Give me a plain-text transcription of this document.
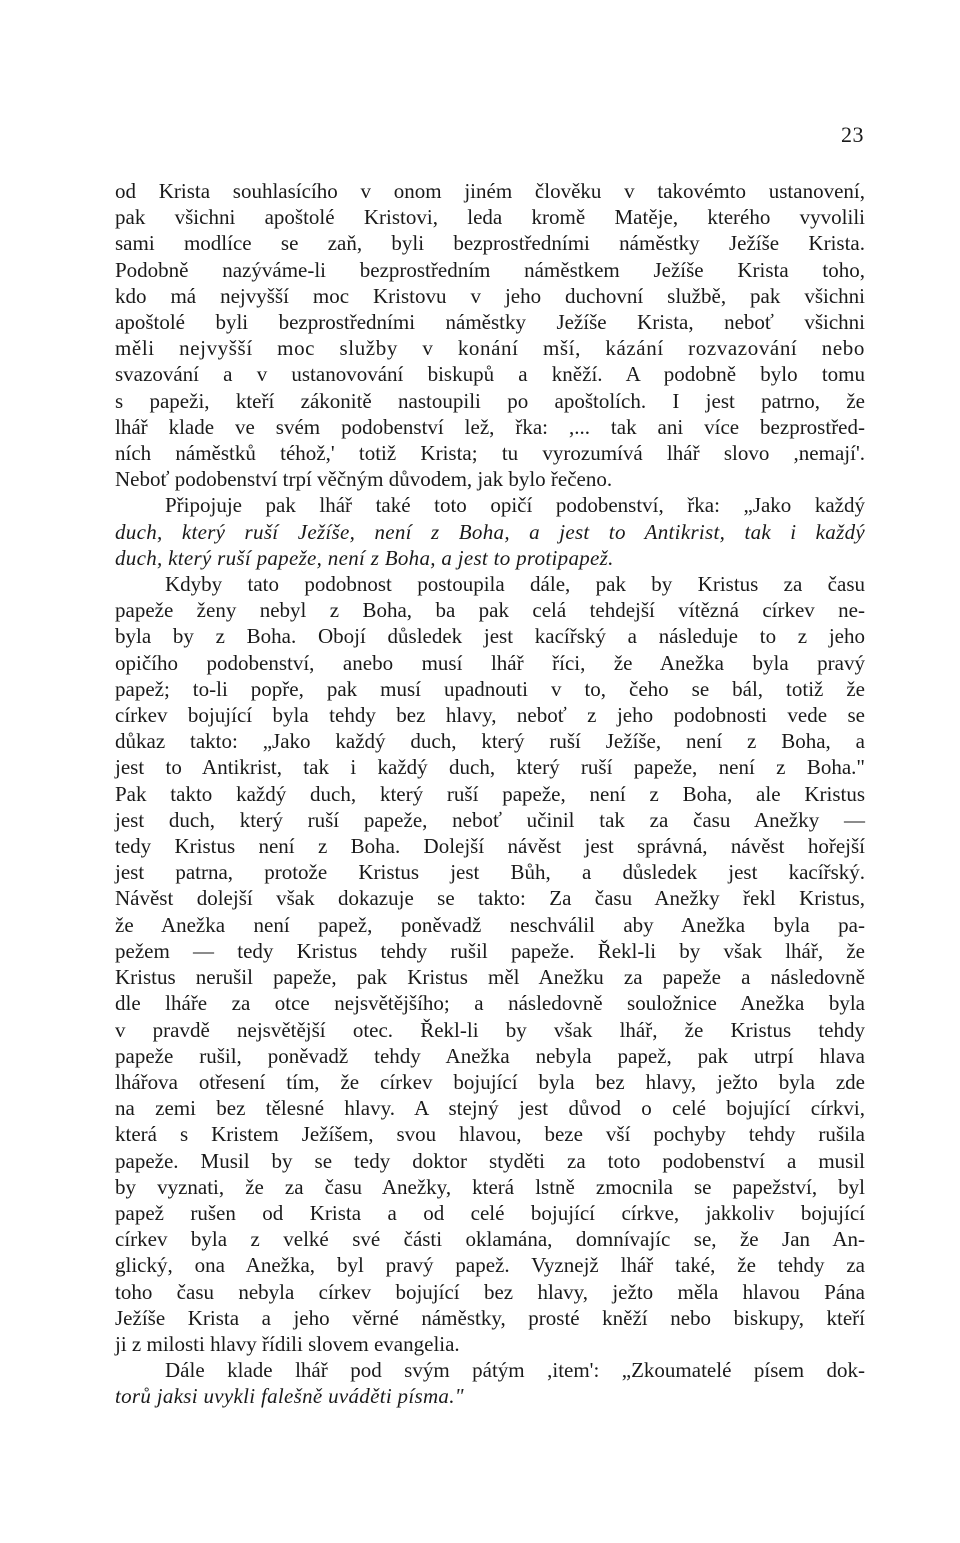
23
od Krista souhlasícího v onom jiném člověku v takovémto ustanovení,
pak všichni apoštolé Kristovi, leda kromě Matěje, kterého vyvolili
sami modlíce se zaň, byli bezprostředními náměstky Ježíše Krista.
Podobně nazýváme-li bezprostředním náměstkem Ježíše Krista toho,
kdo má nejvyšší moc Kristovu v jeho duchovní službě, pak všichni
apoštolé byli bezprostředními náměstky Ježíše Krista, neboť všichni
měli nejvyšší moc služby v konání mší, kázání rozvazování nebo
svazování a v ustanovování biskupů a kněží. A podobně bylo tomu
s papeži, kteří zákonitě nastoupili po apoštolích. I jest patrno, že
lhář klade ve svém podobenství lež, řka: ,... tak ani více bezprostřed-
ních náměstků téhož,' totiž Krista; tu vyrozumívá lhář slovo ,nemají'.
Neboť podobenství trpí věčným důvodem, jak bylo řečeno.
Připojuje pak lhář také toto opičí podobenství, řka: „Jako každý
duch, který ruší Ježíše, není z Boha, a jest to Antikrist, tak i každý
duch, který ruší papeže, není z Boha, a jest to protipapež.
Kdyby tato podobnost postoupila dále, pak by Kristus za času
papeže ženy nebyl z Boha, ba pak celá tehdejší vítězná církev ne-
byla by z Boha. Obojí důsledek jest kacířský a následuje to z jeho
opičího podobenství, anebo musí lhář říci, že Anežka byla pravý
papež; to-li popře, pak musí upadnouti v to, čeho se bál, totiž že
církev bojující byla tehdy bez hlavy, neboť z jeho podobnosti vede se
důkaz takto: „Jako každý duch, který ruší Ježíše, není z Boha, a
jest to Antikrist, tak i každý duch, který ruší papeže, není z Boha."
Pak takto každý duch, který ruší papeže, není z Boha, ale Kristus
jest duch, který ruší papeže, neboť učinil tak za času Anežky —
tedy Kristus není z Boha. Dolejší návěst jest správná, návěst hořejší
jest patrna, protože Kristus jest Bůh, a důsledek jest kacířský.
Návěst dolejší však dokazuje se takto: Za času Anežky řekl Kristus,
že Anežka není papež, poněvadž neschválil aby Anežka byla pa-
pežem — tedy Kristus tehdy rušil papeže. Řekl-li by však lhář, že
Kristus nerušil papeže, pak Kristus měl Anežku za papeže a následovně
dle lháře za otce nejsvětějšího; a následovně souložnice Anežka byla
v pravdě nejsvětější otec. Řekl-li by však lhář, že Kristus tehdy
papeže rušil, poněvadž tehdy Anežka nebyla papež, pak utrpí hlava
lhářova otřesení tím, že církev bojující byla bez hlavy, ježto byla zde
na zemi bez tělesné hlavy. A stejný jest důvod o celé bojující církvi,
která s Kristem Ježíšem, svou hlavou, beze vší pochyby tehdy rušila
papeže. Musil by se tedy doktor styděti za toto podobenství a musil
by vyznati, že za času Anežky, která lstně zmocnila se papežství, byl
papež rušen od Krista a od celé bojující církve, jakkoliv bojující
církev byla z velké své části oklamána, domnívajíc se, že Jan An-
glický, ona Anežka, byl pravý papež. Vyznejž lhář také, že tehdy za
toho času nebyla církev bojující bez hlavy, ježto měla hlavou Pána
Ježíše Krista a jeho věrné náměstky, prosté kněží nebo biskupy, kteří
ji z milosti hlavy řídili slovem evangelia.
Dále klade lhář pod svým pátým ,item': „Zkoumatelé písem dok-
torů jaksi uvykli falešně uváděti písma."
